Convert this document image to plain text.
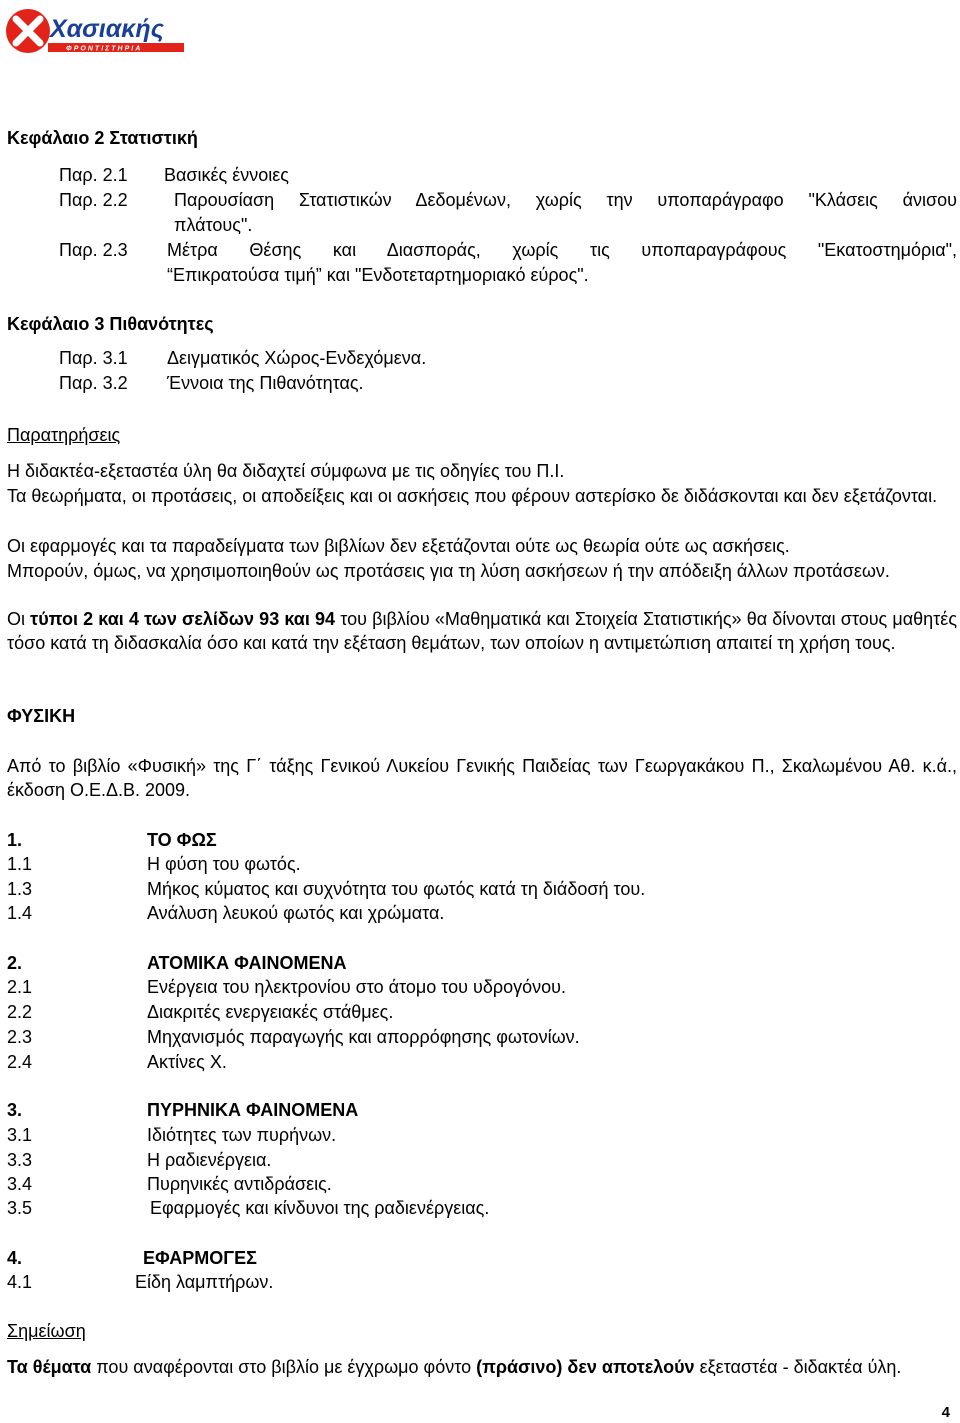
Χασιακής
ΦΡΟΝΤΙΣΤΗΡΙΑ
Κεφάλαιο 2 Στατιστική
Παρ. 2.1 Βασικές έννοιες
Παρ. 2.2	Παρουσίαση Στατιστικών Δεδομένων, χωρίς την υποπαράγραφο "Κλάσεις άνισου
πλάτους".
Παρ. 2.3 Μέτρα Θέσης και Διασποράς, χωρίς τις υποπαραγράφους "Εκατοστημόρια",
“Επικρατούσα τιμή” και "Ενδοτεταρτημοριακό εύρος".
Κεφάλαιο 3 Πιθανότητες
Παρ. 3.1 Δειγματικός Χώρος-Ενδεχόμενα.
Παρ. 3.2 Έννοια της Πιθανότητας.
Παρατηρήσεις
Η διδακτέα-εξεταστέα ύλη θα διδαχτεί σύμφωνα με τις οδηγίες του Π.Ι.
Τα θεωρήματα, οι προτάσεις, οι αποδείξεις και οι ασκήσεις που φέρουν αστερίσκο δε διδάσκονται και δεν εξετάζονται.
Οι εφαρμογές και τα παραδείγματα των βιβλίων δεν εξετάζονται ούτε ως θεωρία ούτε ως ασκήσεις.
Μπορούν, όμως, να χρησιμοποιηθούν ως προτάσεις για τη λύση ασκήσεων ή την απόδειξη άλλων προτάσεων.
Οι τύποι 2 και 4 των σελίδων 93 και 94 του βιβλίου «Μαθηματικά και Στοιχεία Στατιστικής» θα δίνονται στους μαθητές τόσο κατά τη διδασκαλία όσο και κατά την εξέταση θεμάτων, των οποίων η αντιμετώπιση απαιτεί τη χρήση τους.
ΦΥΣΙΚΗ
Από το βιβλίο «Φυσική» της Γ΄ τάξης Γενικού Λυκείου Γενικής Παιδείας των Γεωργακάκου Π., Σκαλωμένου Αθ. κ.ά., έκδοση Ο.Ε.Δ.Β. 2009.
1.	ΤΟ ΦΩΣ
1.1	Η φύση του φωτός.
1.3	Μήκος κύματος και συχνότητα του φωτός κατά τη διάδοσή του.
1.4	Ανάλυση λευκού φωτός και χρώματα.
2.	ΑΤΟΜΙΚΑ ΦΑΙΝΟΜΕΝΑ
2.1	Ενέργεια του ηλεκτρονίου στο άτομο του υδρογόνου.
2.2	Διακριτές ενεργειακές στάθμες.
2.3	Μηχανισμός παραγωγής και απορρόφησης φωτονίων.
2.4	Ακτίνες Χ.
3.	ΠΥΡΗΝΙΚΑ ΦΑΙΝΟΜΕΝΑ
3.1	Ιδιότητες των πυρήνων.
3.3	Η ραδιενέργεια.
3.4	Πυρηνικές αντιδράσεις.
3.5	Εφαρμογές και κίνδυνοι της ραδιενέργειας.
4.	ΕΦΑΡΜΟΓΕΣ
4.1	Είδη λαμπτήρων.
Σημείωση
Τα θέματα που αναφέρονται στο βιβλίο με έγχρωμο φόντο (πράσινο) δεν αποτελούν εξεταστέα - διδακτέα ύλη.
4
